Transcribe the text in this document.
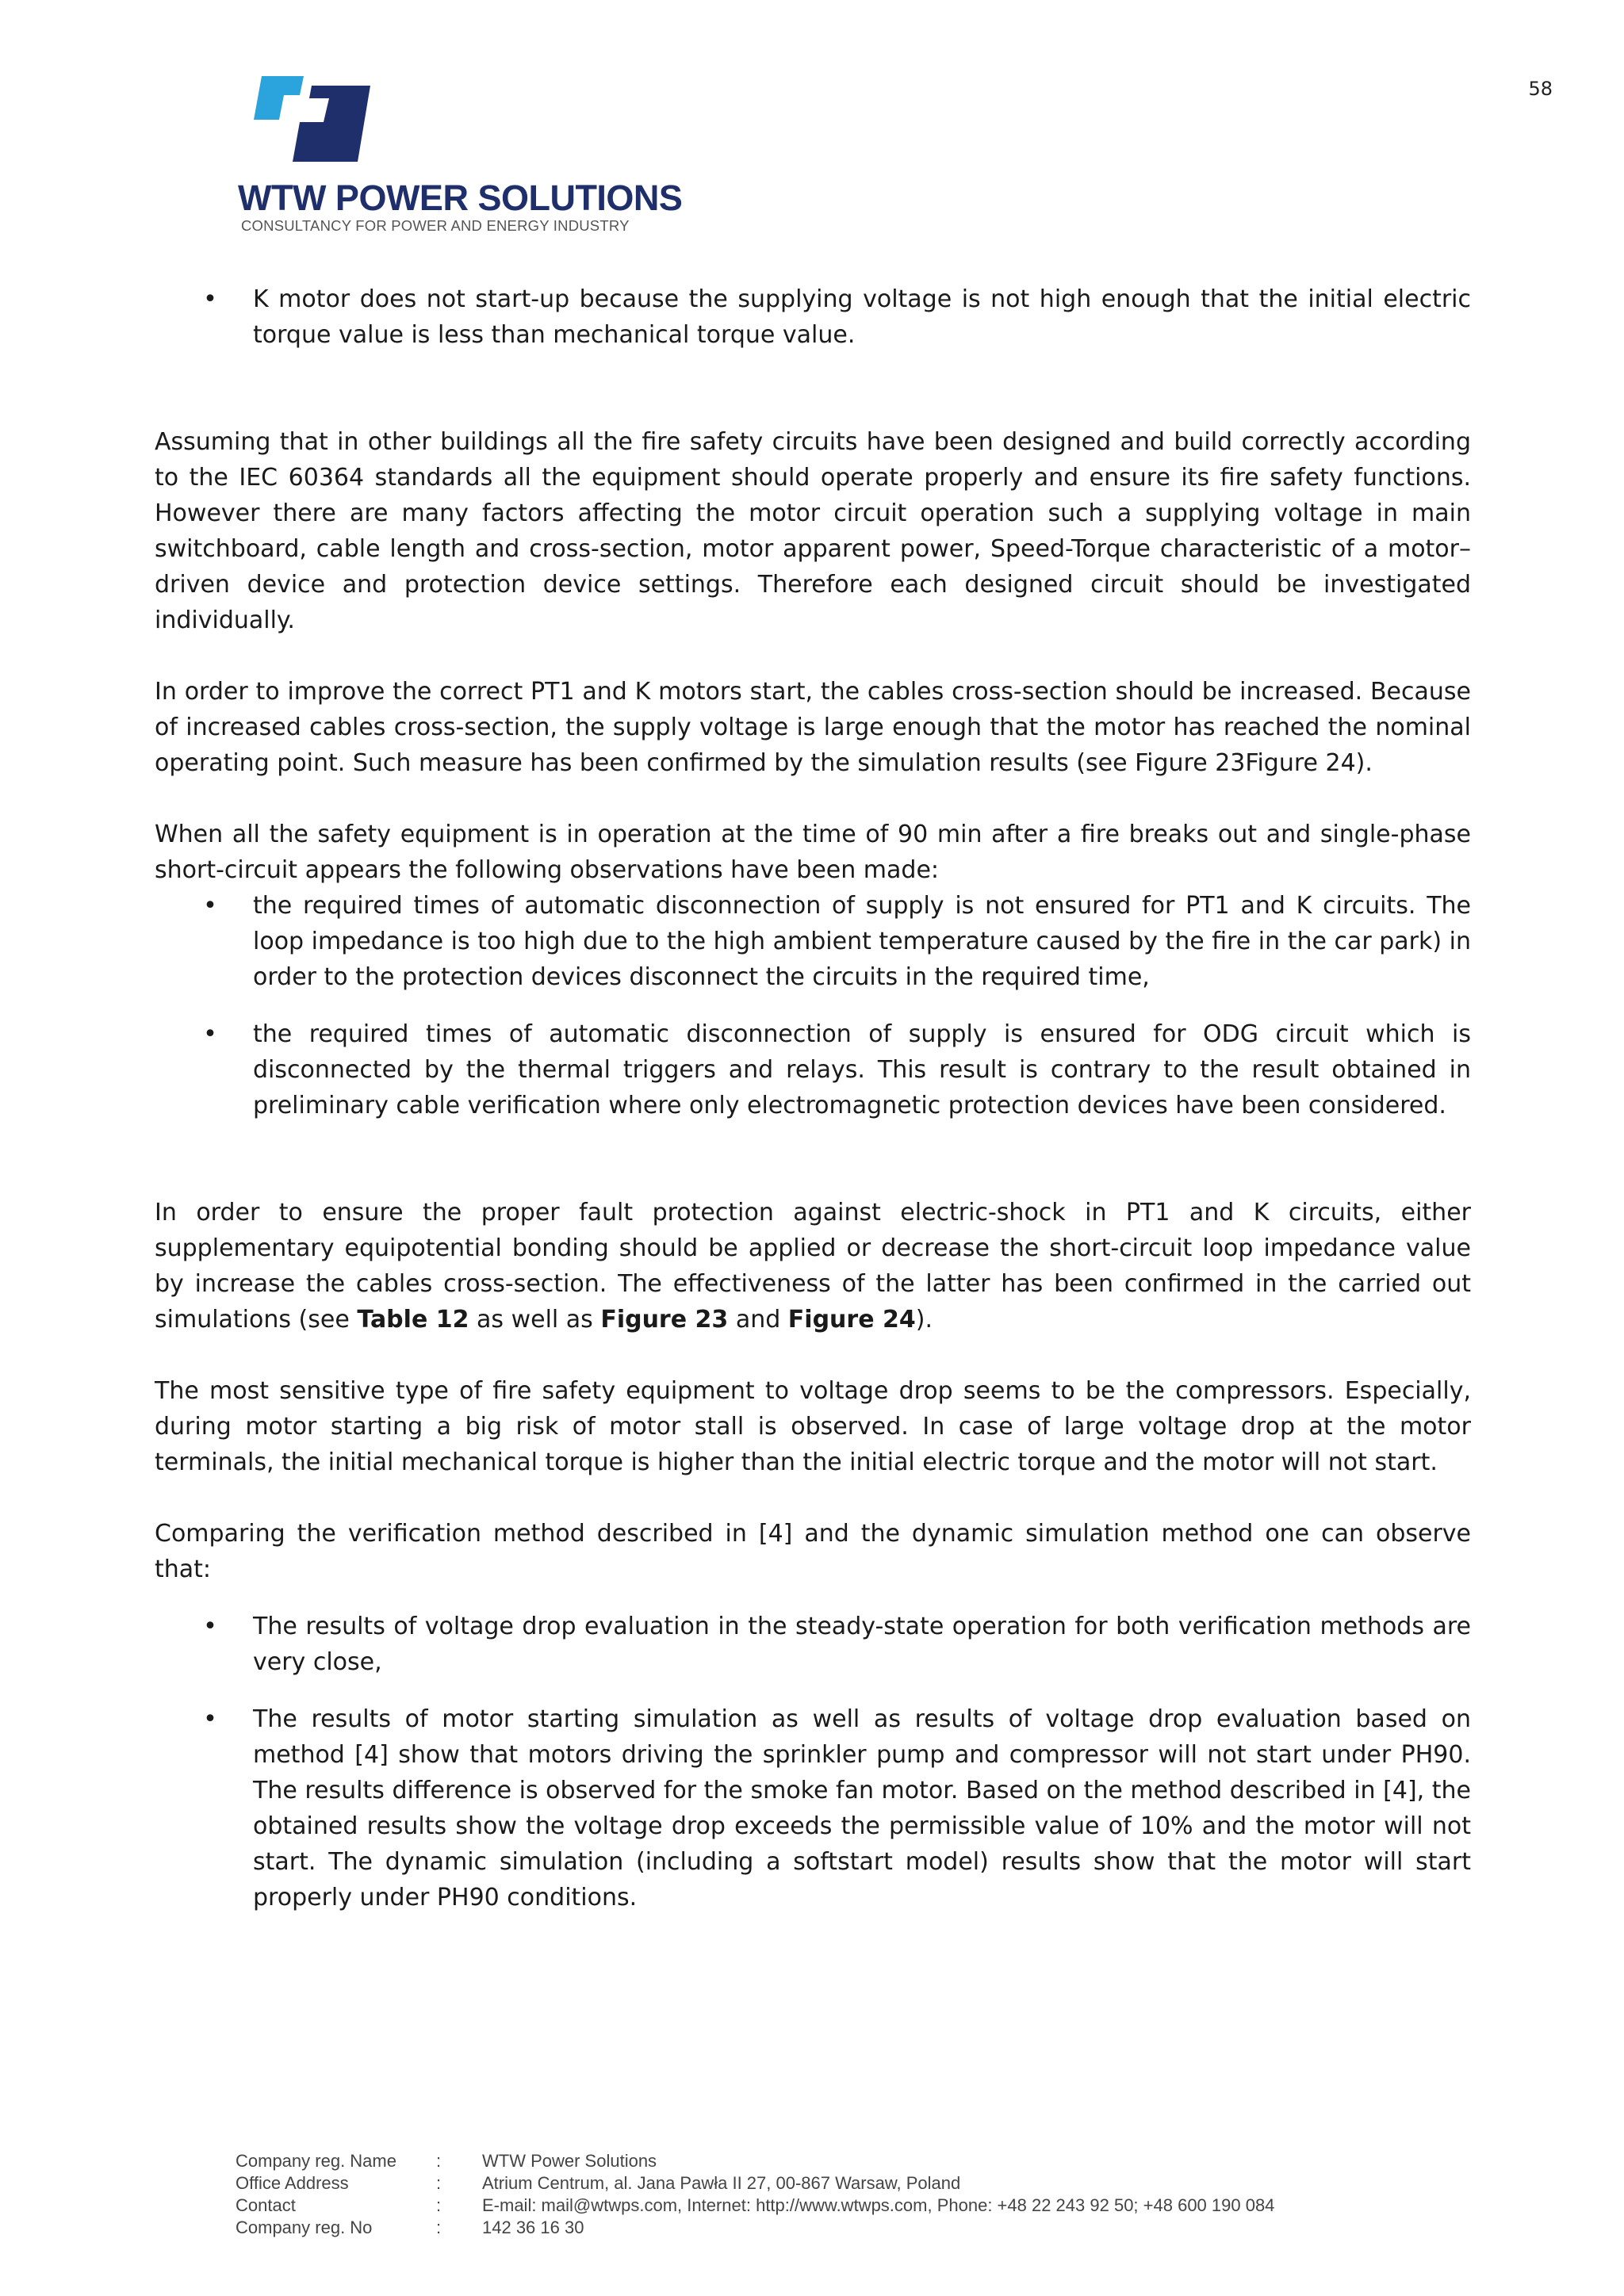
58
WTW POWER SOLUTIONS
CONSULTANCY FOR POWER AND ENERGY INDUSTRY
• K motor does not start-up because the supplying voltage is not high enough that the initial electric torque value is less than mechanical torque value.

Assuming that in other buildings all the fire safety circuits have been designed and build correctly according to the IEC 60364 standards all the equipment should operate properly and ensure its fire safety functions. However there are many factors affecting the motor circuit operation such a supplying voltage in main switchboard, cable length and cross-section, motor apparent power, Speed-Torque characteristic of a motor–driven device and protection device settings. Therefore each designed circuit should be investigated individually.

In order to improve the correct PT1 and K motors start, the cables cross-section should be increased. Because of increased cables cross-section, the supply voltage is large enough that the motor has reached the nominal operating point. Such measure has been confirmed by the simulation results (see Figure 23Figure 24).

When all the safety equipment is in operation at the time of 90 min after a fire breaks out and single-phase short-circuit appears the following observations have been made:

• the required times of automatic disconnection of supply is not ensured for PT1 and K circuits. The loop impedance is too high due to the high ambient temperature caused by the fire in the car park) in order to the protection devices disconnect the circuits in the required time,
• the required times of automatic disconnection of supply is ensured for ODG circuit which is disconnected by the thermal triggers and relays. This result is contrary to the result obtained in preliminary cable verification where only electromagnetic protection devices have been considered.

In order to ensure the proper fault protection against electric-shock in PT1 and K circuits, either supplementary equipotential bonding should be applied or decrease the short-circuit loop impedance value by increase the cables cross-section. The effectiveness of the latter has been confirmed in the carried out simulations (see Table 12 as well as Figure 23 and Figure 24).

The most sensitive type of fire safety equipment to voltage drop seems to be the compressors. Especially, during motor starting a big risk of motor stall is observed. In case of large voltage drop at the motor terminals, the initial mechanical torque is higher than the initial electric torque and the motor will not start.

Comparing the verification method described in [4] and the dynamic simulation method one can observe that:

• The results of voltage drop evaluation in the steady-state operation for both verification methods are very close,
• The results of motor starting simulation as well as results of voltage drop evaluation based on method [4] show that motors driving the sprinkler pump and compressor will not start under PH90. The results difference is observed for the smoke fan motor. Based on the method described in [4], the obtained results show the voltage drop exceeds the permissible value of 10% and the motor will not start. The dynamic simulation (including a softstart model) results show that the motor will start properly under PH90 conditions.
Company reg. Name	:	WTW Power Solutions
Office Address	:	Atrium Centrum, al. Jana Pawła II 27, 00-867 Warsaw, Poland
Contact	:	E-mail: mail@wtwps.com, Internet: http://www.wtwps.com, Phone: +48 22 243 92 50; +48 600 190 084
Company reg. No	:	142 36 16 30
